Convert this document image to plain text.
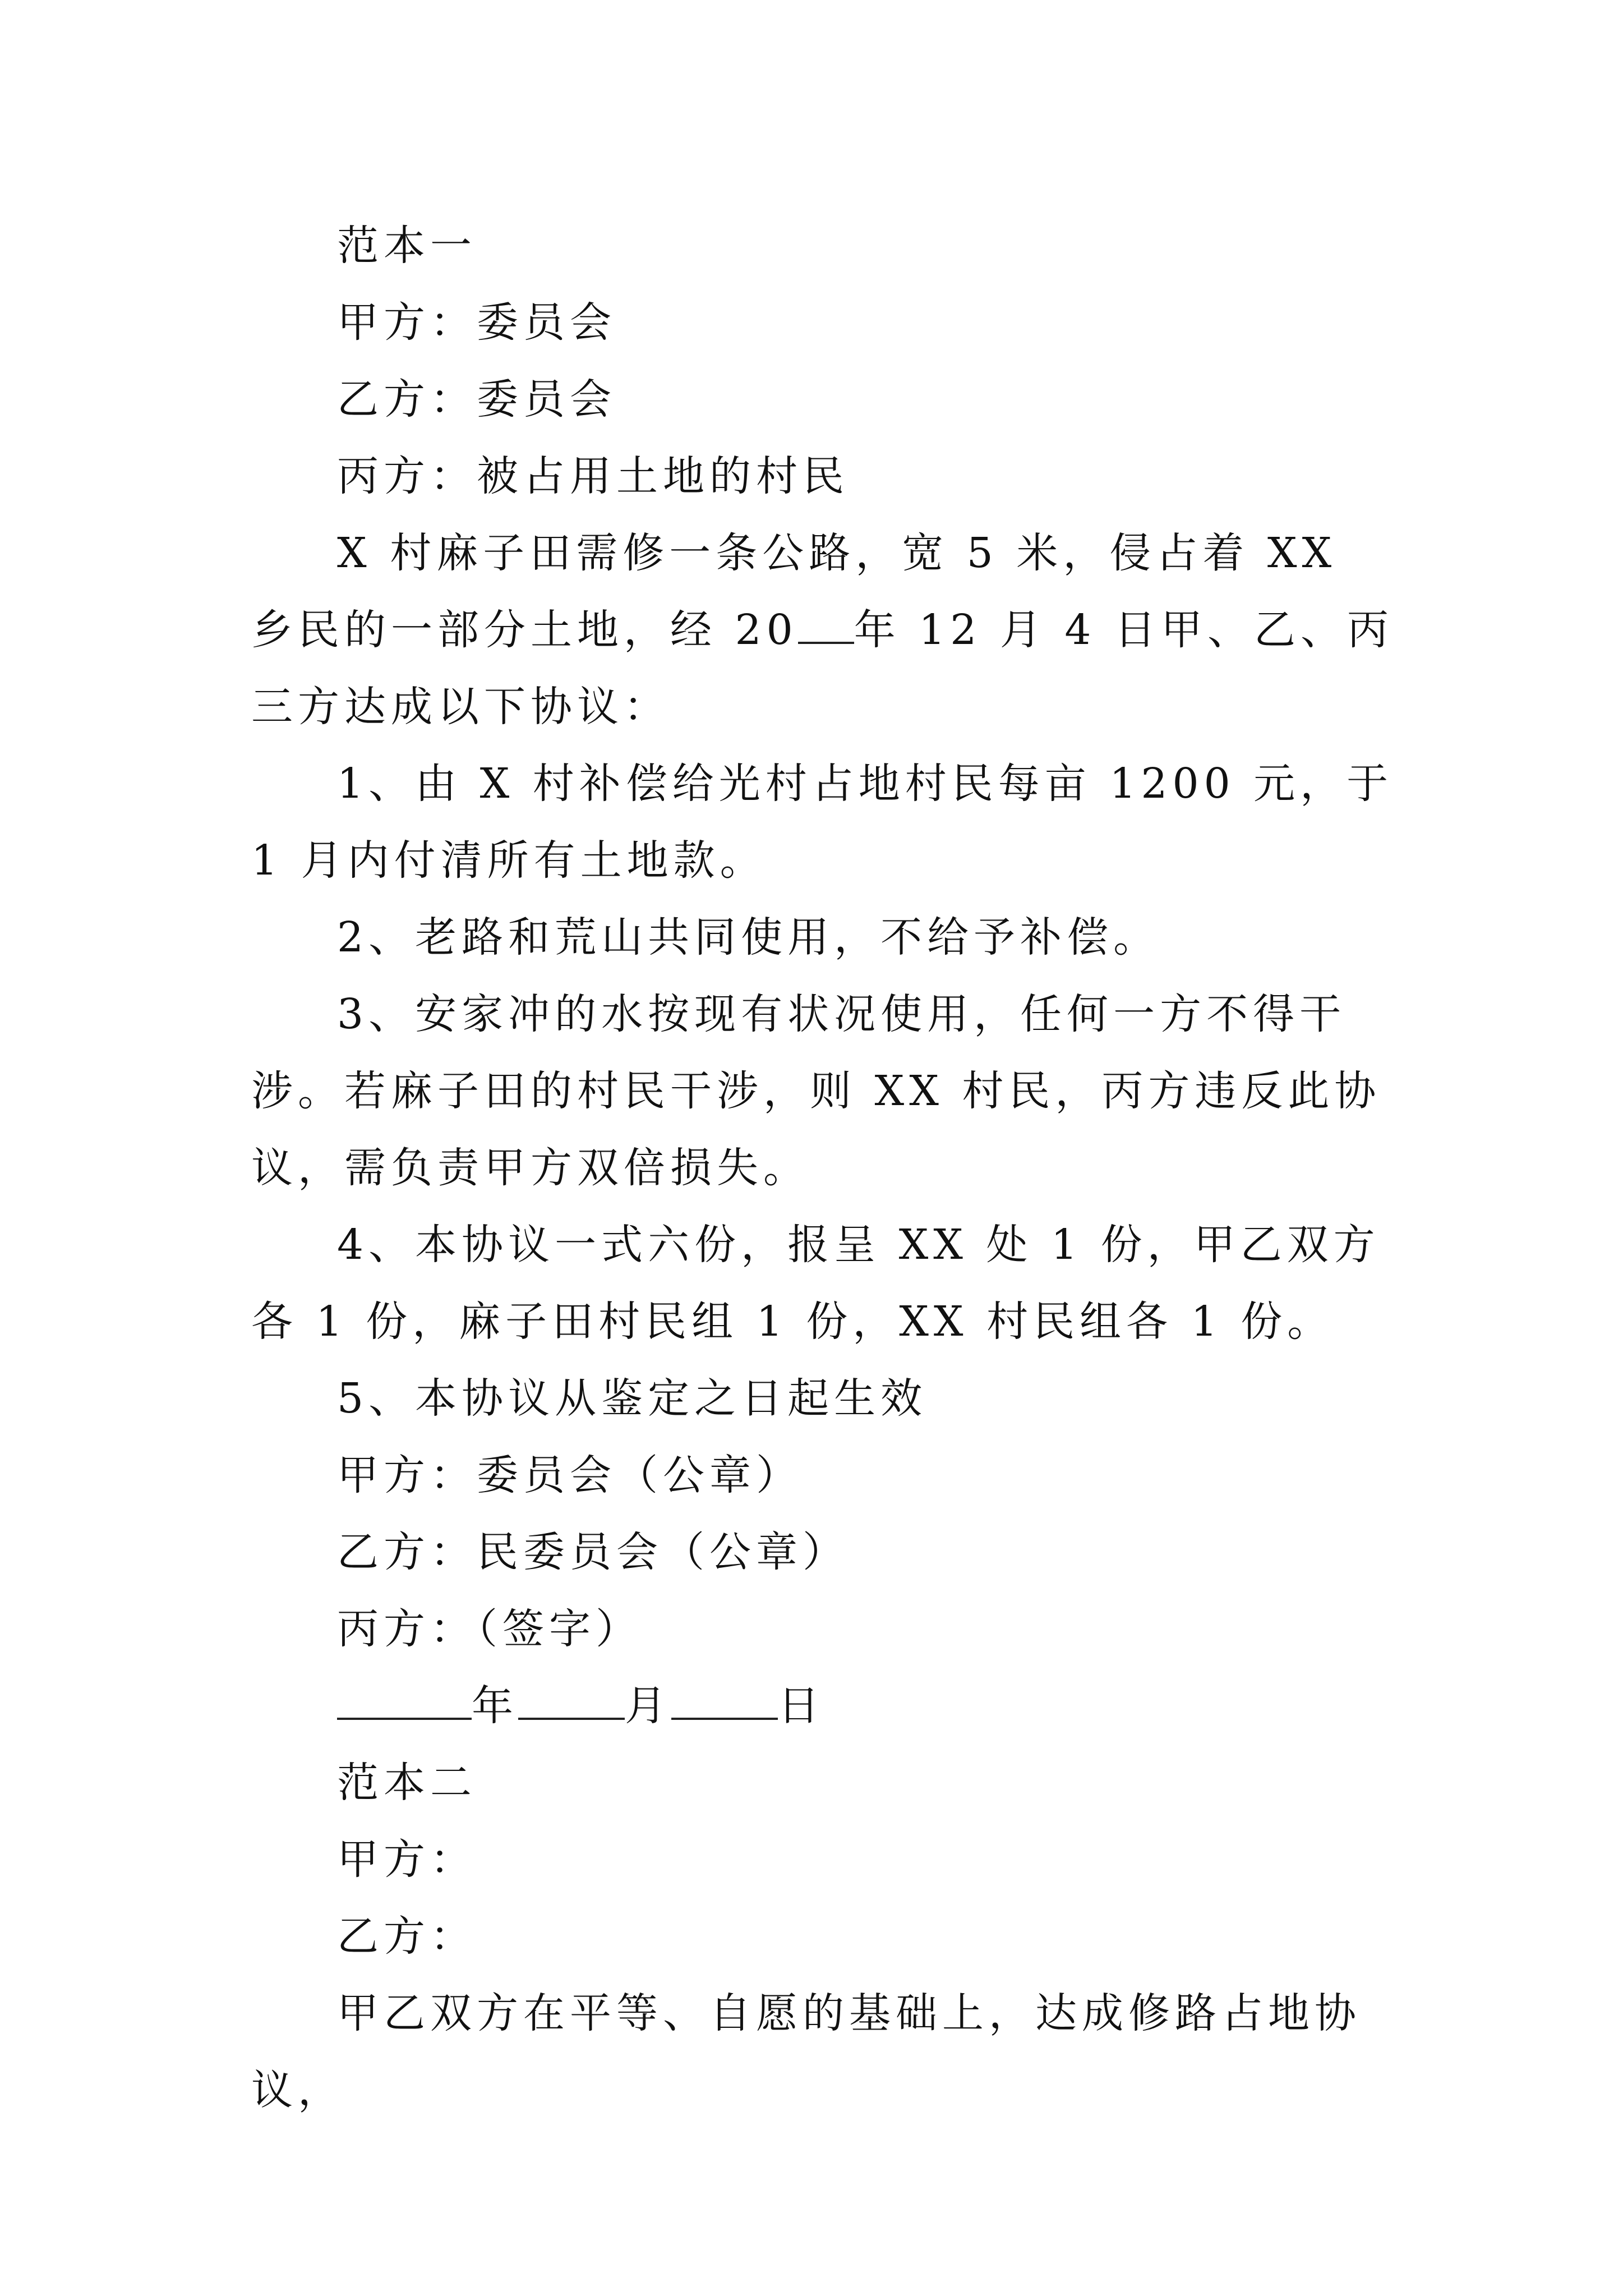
范本一

甲方：委员会

乙方：委员会

丙方：被占用土地的村民

X 村麻子田需修一条公路，宽 5 米，侵占着 XX 乡民的一部分土地，经 20 年 12 月 4 日甲、乙、丙三方达成以下协议：

1、由 X 村补偿给光村占地村民每亩 1200 元，于 1 月内付清所有土地款。

2、老路和荒山共同使用，不给予补偿。

3、安家冲的水按现有状况使用，任何一方不得干涉。若麻子田的村民干涉，则 XX 村民，丙方违反此协议，需负责甲方双倍损失。

4、本协议一式六份，报呈 XX 处 1 份，甲乙双方各 1 份，麻子田村民组 1 份，XX 村民组各 1 份。

5、本协议从鉴定之日起生效

甲方：委员会（公章）

乙方：民委员会（公章）

丙方：（签字）

年	月	日

范本二

甲方：

乙方：

甲乙双方在平等、自愿的基础上，达成修路占地协议，
